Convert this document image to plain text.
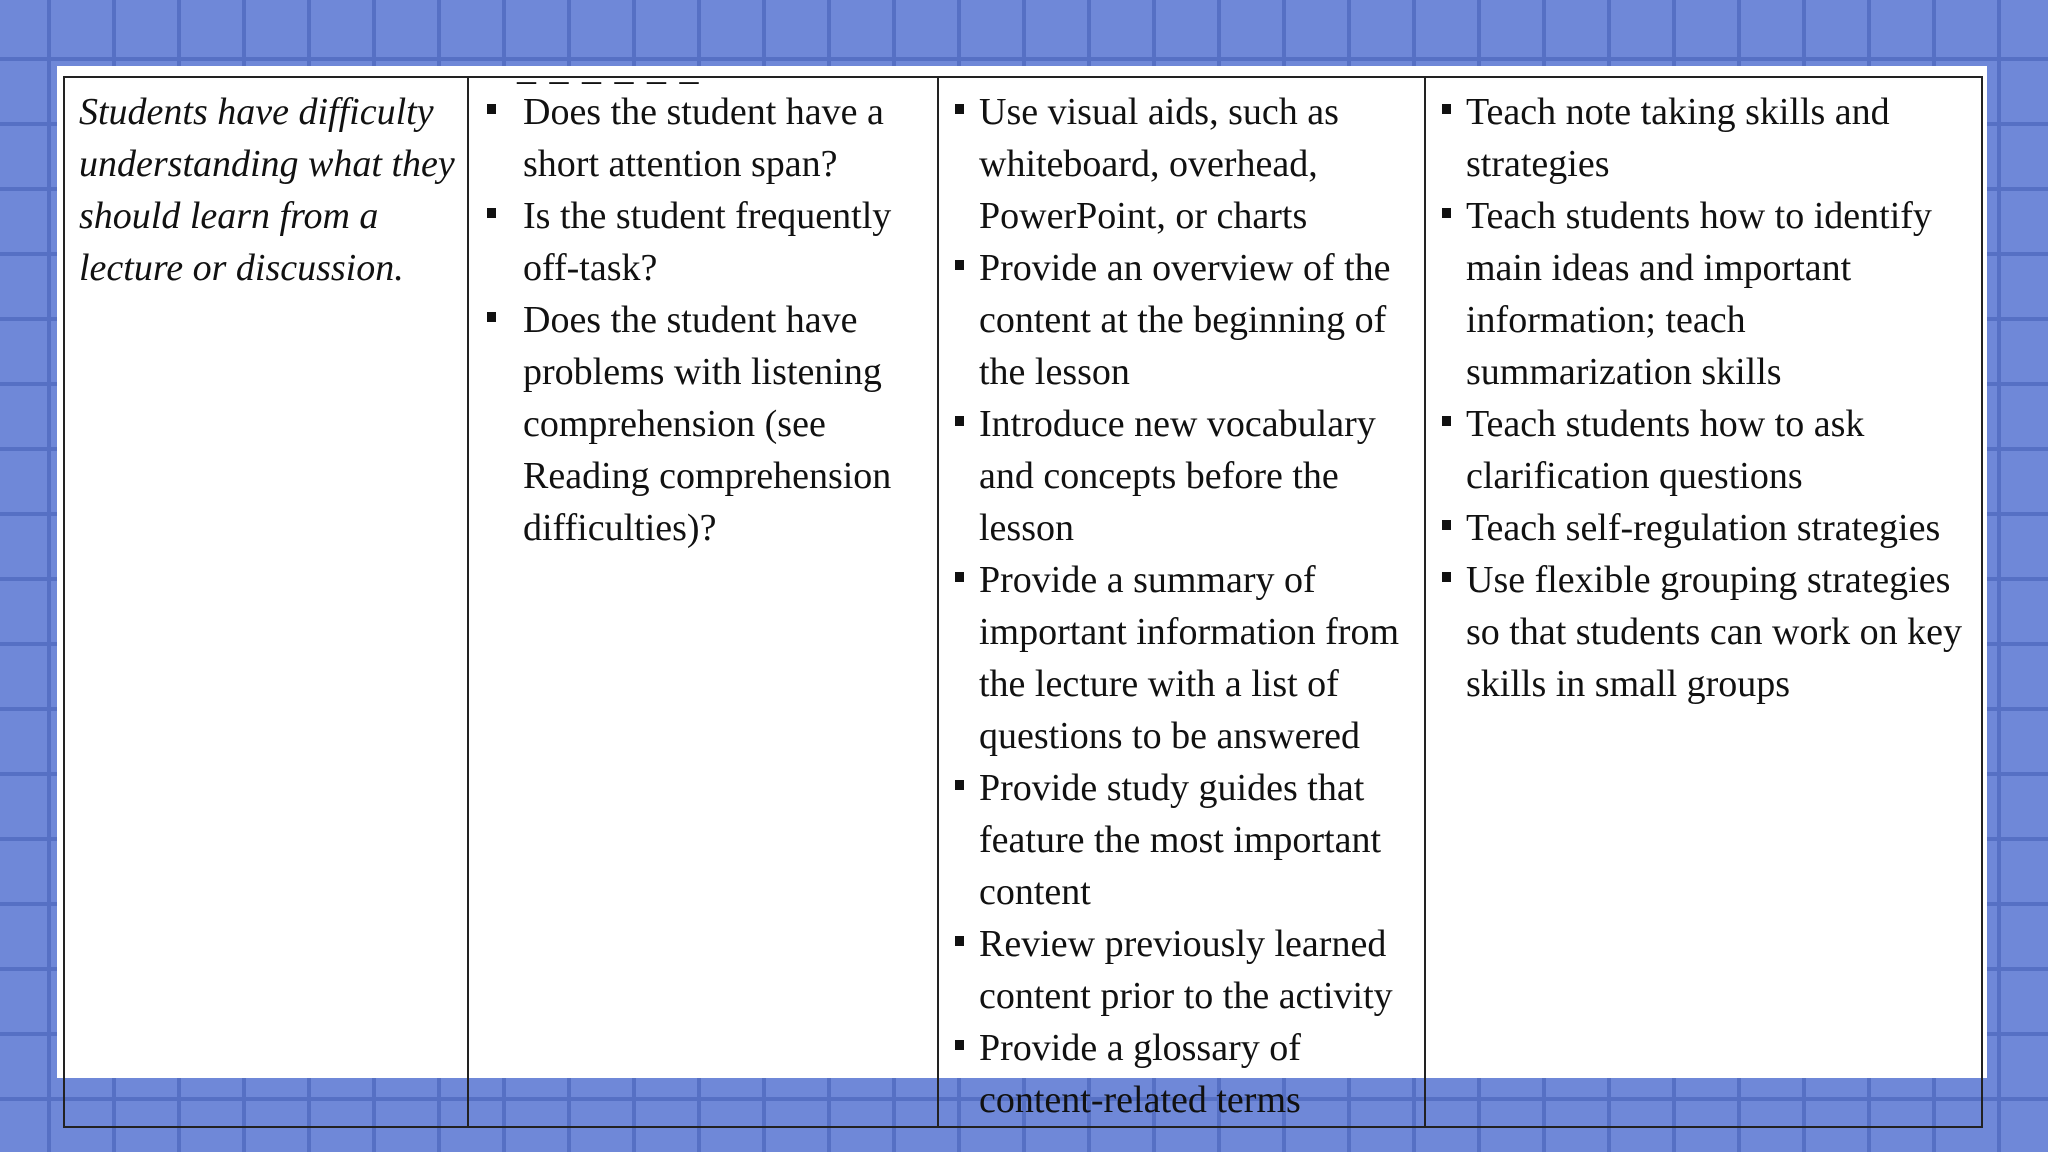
‒ ‒ ‒ ‒ ‒ ‒
Students have difficulty understanding what they should learn from a lecture or discussion.

Does the student have a short attention span?
Is the student frequently off-task?
Does the student have problems with listening comprehension (see Reading comprehension difficulties)?

Use visual aids, such as whiteboard, overhead, PowerPoint, or charts
Provide an overview of the content at the beginning of the lesson
Introduce new vocabulary and concepts before the lesson
Provide a summary of important information from the lecture with a list of questions to be answered
Provide study guides that feature the most important content
Review previously learned content prior to the activity
Provide a glossary of content-related terms

Teach note taking skills and strategies
Teach students how to identify main ideas and important information; teach summarization skills
Teach students how to ask clarification questions
Teach self-regulation strategies
Use flexible grouping strategies so that students can work on key skills in small groups
